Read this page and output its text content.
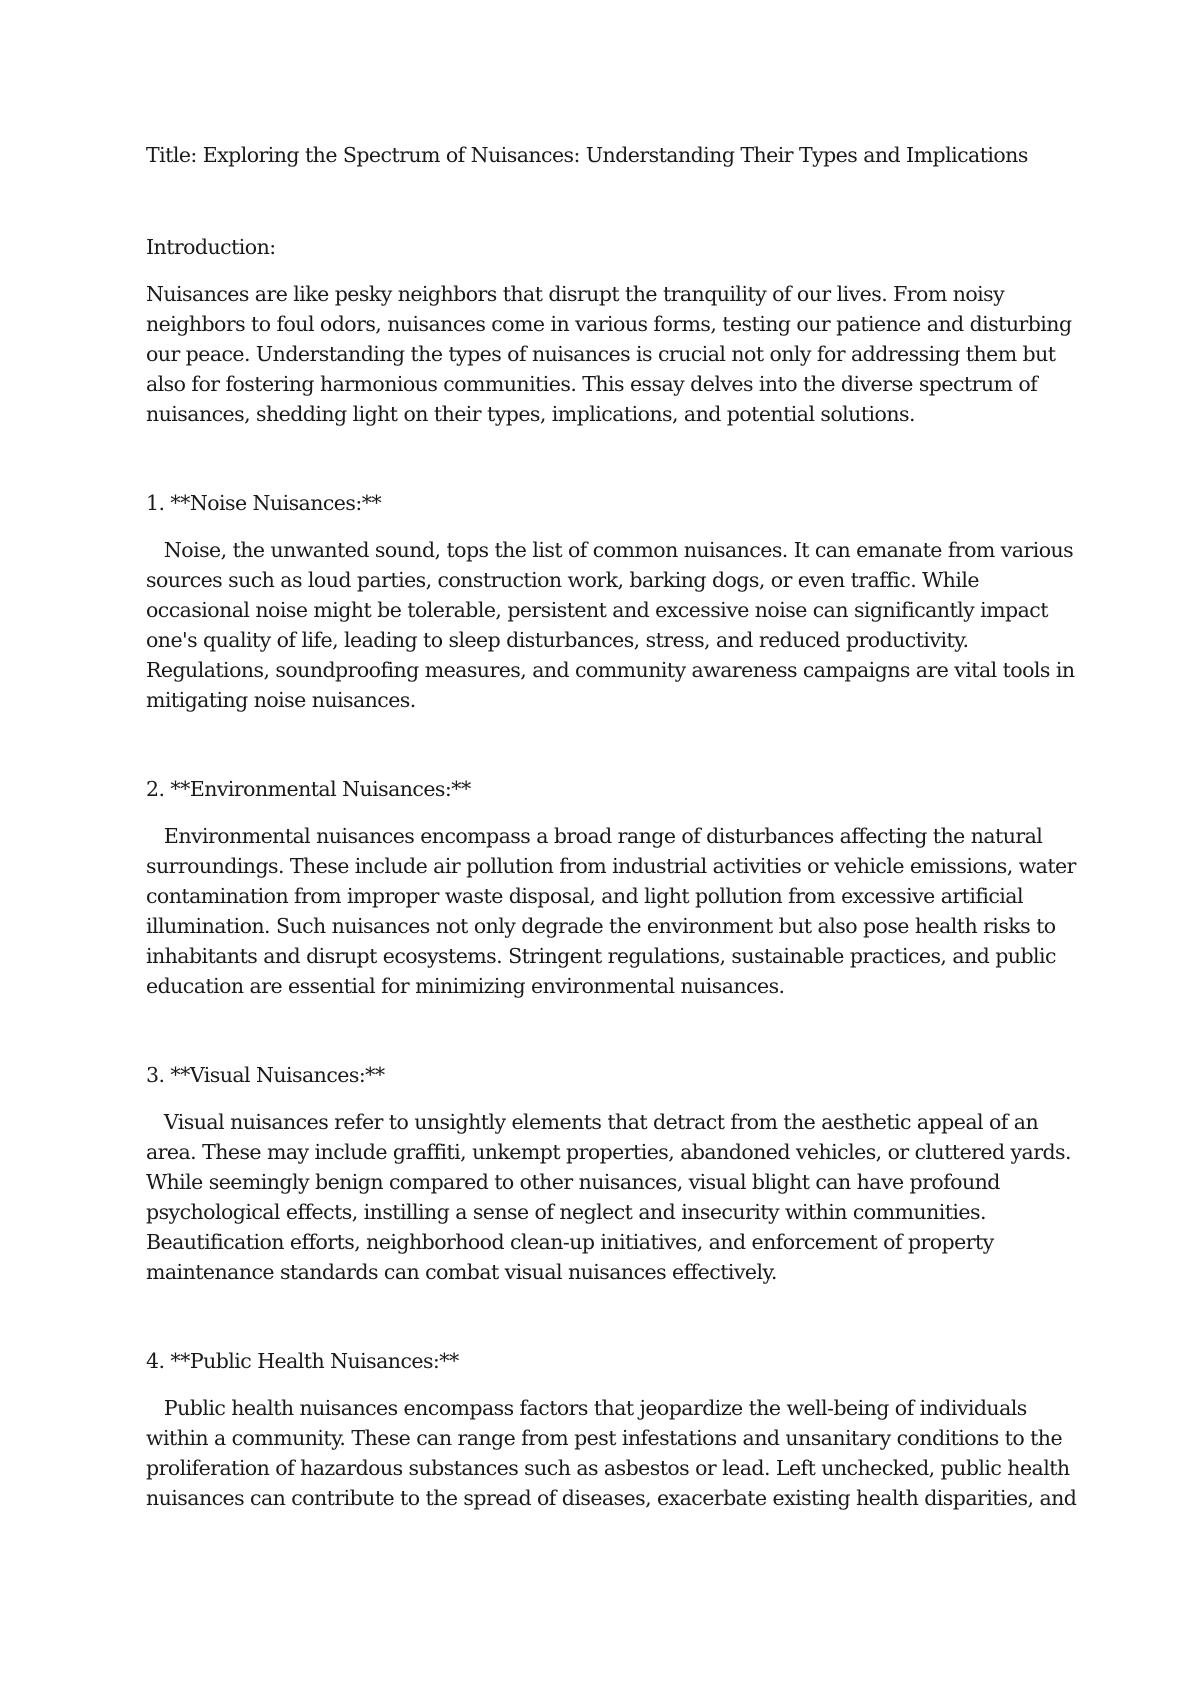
Title: Exploring the Spectrum of Nuisances: Understanding Their Types and Implications

Introduction:

Nuisances are like pesky neighbors that disrupt the tranquility of our lives. From noisy neighbors to foul odors, nuisances come in various forms, testing our patience and disturbing our peace. Understanding the types of nuisances is crucial not only for addressing them but also for fostering harmonious communities. This essay delves into the diverse spectrum of nuisances, shedding light on their types, implications, and potential solutions.

1. **Noise Nuisances:**

Noise, the unwanted sound, tops the list of common nuisances. It can emanate from various sources such as loud parties, construction work, barking dogs, or even traffic. While occasional noise might be tolerable, persistent and excessive noise can significantly impact one's quality of life, leading to sleep disturbances, stress, and reduced productivity. Regulations, soundproofing measures, and community awareness campaigns are vital tools in mitigating noise nuisances.

2. **Environmental Nuisances:**

Environmental nuisances encompass a broad range of disturbances affecting the natural surroundings. These include air pollution from industrial activities or vehicle emissions, water contamination from improper waste disposal, and light pollution from excessive artificial illumination. Such nuisances not only degrade the environment but also pose health risks to inhabitants and disrupt ecosystems. Stringent regulations, sustainable practices, and public education are essential for minimizing environmental nuisances.

3. **Visual Nuisances:**

Visual nuisances refer to unsightly elements that detract from the aesthetic appeal of an area. These may include graffiti, unkempt properties, abandoned vehicles, or cluttered yards. While seemingly benign compared to other nuisances, visual blight can have profound psychological effects, instilling a sense of neglect and insecurity within communities. Beautification efforts, neighborhood clean-up initiatives, and enforcement of property maintenance standards can combat visual nuisances effectively.

4. **Public Health Nuisances:**

Public health nuisances encompass factors that jeopardize the well-being of individuals within a community. These can range from pest infestations and unsanitary conditions to the proliferation of hazardous substances such as asbestos or lead. Left unchecked, public health nuisances can contribute to the spread of diseases, exacerbate existing health disparities, and
